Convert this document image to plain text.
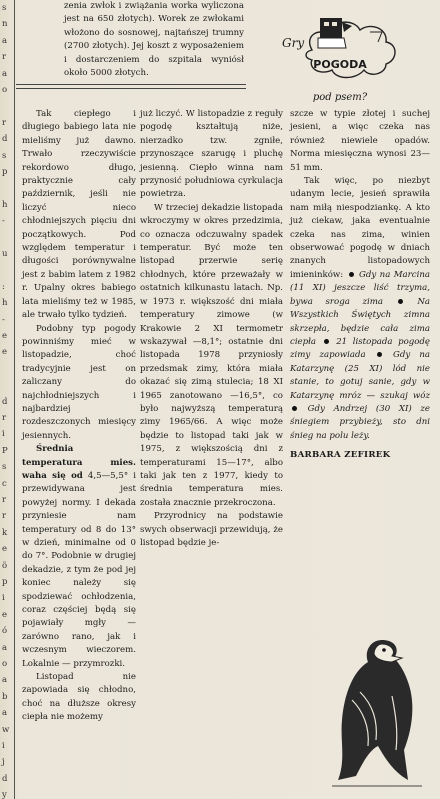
s
n
a
r
a
o
r
d
s
p
h
-
u
:
h
-
e
e
d
r
i
P
s
c
r
r
k
e
ö
p
i
e
ó
a
o
a
b
a
w
i
j
d
y

zenia zwłok i zwiążania worka wyliczona jest na 650 złotych). Worek ze zwłokami włożono do sosnowej, najtańszej trumny (2700 złotych). Jej koszt z wyposażeniem i dostarczeniem do szpitala wyniósł około 5000 złotych.

Gry
POGODA
pod psem?

Tak ciepłego i długiego babiego lata nie mieliśmy już dawno. Trwało rzeczywiście rekordowo długo, praktycznie cały październik, jeśli nie liczyć nieco chłodniejszych pięciu dni początkowych. Pod względem temperatur i długości porównywalne jest z babim latem z 1982 r. Upalny okres babiego lata mieliśmy też w 1985, ale trwało tylko tydzień.

Podobny typ pogody powinniśmy mieć w listopadzie, choć tradycyjnie jest on zaliczany do najchłodniejszych i najbardziej rozdeszczonych miesięcy jesiennych.

Średnia temperatura mies. waha się od 4,5—5,5° i przewidywana jest powyżej normy. I dekada przyniesie nam temperatury od 8 do 13° w dzień, minimalne od 0 do 7°. Podobnie w drugiej dekadzie, z tym że pod jej koniec należy się spodziewać ochłodzenia, coraz częściej będą się pojawiały mgły — zarówno rano, jak i wczesnym wieczorem. Lokalnie — przymrozki.

Listopad nie zapowiada się chłodno, choć na dłuższe okresy ciepła nie możemy

już liczyć. W listopadzie z reguły pogodę kształtują niże, nierzadko tzw. zgniłe, przynoszące szarugę i pluchę jesienną. Ciepło winna nam przynosić południowa cyrkulacja powietrza.

W trzeciej dekadzie listopada wkroczymy w okres przedzimia, co oznacza odczuwalny spadek temperatur. Być może ten listopad przerwie serię chłodnych, które przeważały w ostatnich kilkunastu latach. Np. w 1973 r. większość dni miała temperatury zimowe (w Krakowie 2 XI termometr wskazywał —8,1°; ostatnie dni listopada 1978 przyniosły przedsmak zimy, która miała okazać się zimą stulecia; 18 XI 1965 zanotowano —16,5°, co było najwyższą temperaturą zimy 1965/66. A więc może będzie to listopad taki jak w 1975, z większością dni z temperaturami 15—17°, albo taki jak ten z 1977, kiedy to średnia temperatura mies. została znacznie przekroczona.

Przyrodnicy na podstawie swych obserwacji przewidują, że listopad będzie je-

szcze w typie złotej i suchej jesieni, a więc czeka nas również niewiele opadów. Norma miesięczna wynosi 23—51 mm.

Tak więc, po niezbyt udanym lecie, jesień sprawiła nam miłą niespodziankę. A kto już ciekaw, jaka eventualnie czeka nas zima, winien obserwować pogodę w dniach znanych listopadowych imieninków:  Gdy na Marcina (11 XI) jeszcze liść trzyma, bywa sroga zima	Na Wszystkich Świętych zimna skrzepła, będzie cała zima ciepła  21 listopada pogodę zimy zapowiada  Gdy na Katarzynę (25 XI) lód nie stanie, to gotuj sanie, gdy w Katarzynę mróz — szukaj wóz  Gdy Andrzej (30 XI) ze śniegiem przybieży, sto dni śnieg na polu leży.

BARBARA ZEFIREK
